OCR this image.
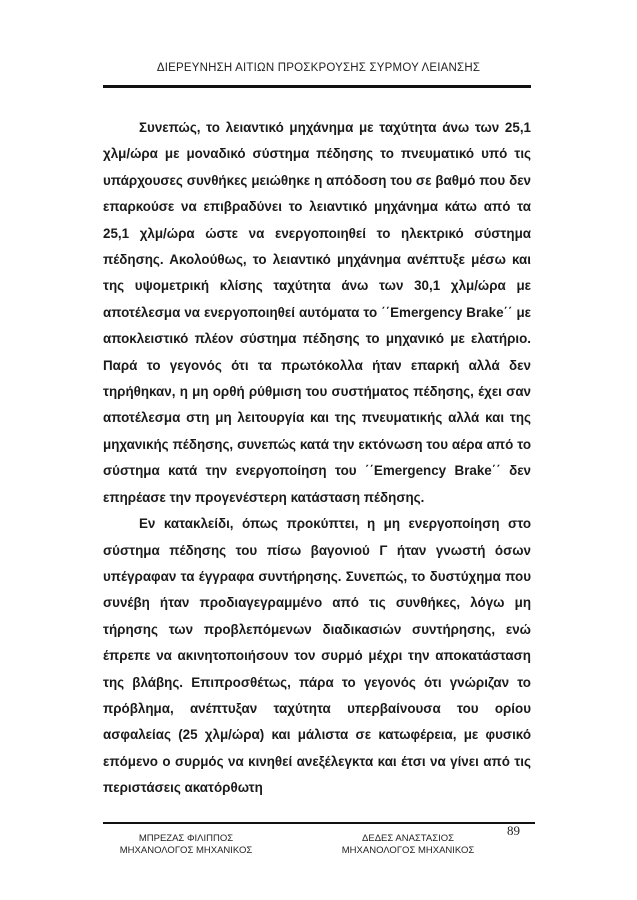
ΔΙΕΡΕΥΝΗΣΗ ΑΙΤΙΩΝ ΠΡΟΣΚΡΟΥΣΗΣ ΣΥΡΜΟΥ ΛΕΙΑΝΣΗΣ

Συνεπώς, το λειαντικό μηχάνημα με ταχύτητα άνω των 25,1 χλμ/ώρα με μοναδικό σύστημα πέδησης το πνευματικό υπό τις υπάρχουσες συνθήκες μειώθηκε η απόδοση του σε βαθμό που δεν επαρκούσε να επιβραδύνει το λειαντικό μηχάνημα κάτω από τα 25,1 χλμ/ώρα ώστε να ενεργοποιηθεί το ηλεκτρικό σύστημα πέδησης. Ακολούθως, το λειαντικό μηχάνημα ανέπτυξε μέσω και της υψομετρική κλίσης ταχύτητα άνω των 30,1 χλμ/ώρα με αποτέλεσμα να ενεργοποιηθεί αυτόματα το ΄΄Emergency Brake΄΄ με αποκλειστικό πλέον σύστημα πέδησης το μηχανικό με ελατήριο. Παρά το γεγονός ότι τα πρωτόκολλα ήταν επαρκή αλλά δεν τηρήθηκαν, η μη ορθή ρύθμιση του συστήματος πέδησης, έχει σαν αποτέλεσμα στη μη λειτουργία και της πνευματικής αλλά και της μηχανικής πέδησης, συνεπώς κατά την εκτόνωση του αέρα από το σύστημα κατά την ενεργοποίηση του ΄΄Emergency Brake΄΄ δεν επηρέασε την προγενέστερη κατάσταση πέδησης.

Εν κατακλείδι, όπως προκύπτει, η μη ενεργοποίηση στο σύστημα πέδησης του πίσω βαγονιού Γ ήταν γνωστή όσων υπέγραφαν τα έγγραφα συντήρησης. Συνεπώς, το δυστύχημα που συνέβη ήταν προδιαγεγραμμένο από τις συνθήκες, λόγω μη τήρησης των προβλεπόμενων διαδικασιών συντήρησης, ενώ έπρεπε να ακινητοποιήσουν τον συρμό μέχρι την αποκατάσταση της βλάβης. Επιπροσθέτως, πάρα το γεγονός ότι γνώριζαν το πρόβλημα, ανέπτυξαν ταχύτητα υπερβαίνουσα του ορίου ασφαλείας (25 χλμ/ώρα) και μάλιστα σε κατωφέρεια, με φυσικό επόμενο ο συρμός να κινηθεί ανεξέλεγκτα και έτσι να γίνει από τις περιστάσεις ακατόρθωτη

89
ΜΠΡΕΖΑΣ ΦΙΛΙΠΠΟΣ
ΜΗΧΑΝΟΛΟΓΟΣ ΜΗΧΑΝΙΚΟΣ
ΔΕΔΕΣ ΑΝΑΣΤΑΣΙΟΣ
ΜΗΧΑΝΟΛΟΓΟΣ ΜΗΧΑΝΙΚΟΣ
